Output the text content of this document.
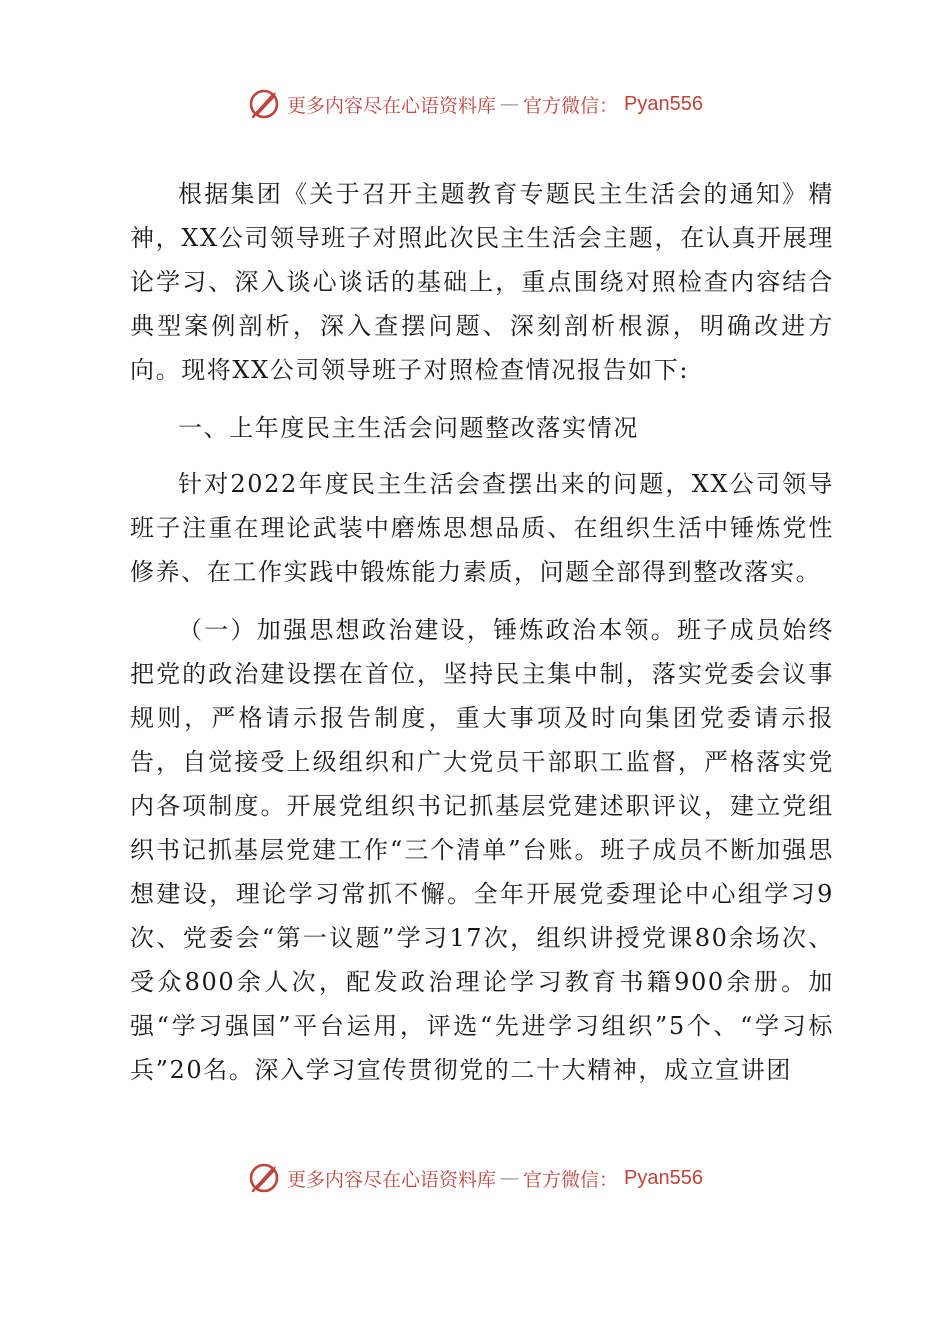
更多内容尽在心语资料库 — 官方微信： Pyan556

根据集团《关于召开主题教育专题民主生活会的通知》精神，XX公司领导班子对照此次民主生活会主题，在认真开展理论学习、深入谈心谈话的基础上，重点围绕对照检查内容结合典型案例剖析，深入查摆问题、深刻剖析根源，明确改进方向。现将XX公司领导班子对照检查情况报告如下:

一、上年度民主生活会问题整改落实情况

针对2022年度民主生活会查摆出来的问题，XX公司领导班子注重在理论武装中磨炼思想品质、在组织生活中锤炼党性修养、在工作实践中锻炼能力素质，问题全部得到整改落实。

（一）加强思想政治建设，锤炼政治本领。班子成员始终把党的政治建设摆在首位，坚持民主集中制，落实党委会议事规则，严格请示报告制度，重大事项及时向集团党委请示报告，自觉接受上级组织和广大党员干部职工监督，严格落实党内各项制度。开展党组织书记抓基层党建述职评议，建立党组织书记抓基层党建工作“三个清单”台账。班子成员不断加强思想建设，理论学习常抓不懈。全年开展党委理论中心组学习9次、党委会“第一议题”学习17次，组织讲授党课80余场次、受众800余人次，配发政治理论学习教育书籍900余册。加强“学习强国”平台运用，评选“先进学习组织”5个、“学习标兵”20名。深入学习宣传贯彻党的二十大精神，成立宣讲团

更多内容尽在心语资料库 — 官方微信： Pyan556
